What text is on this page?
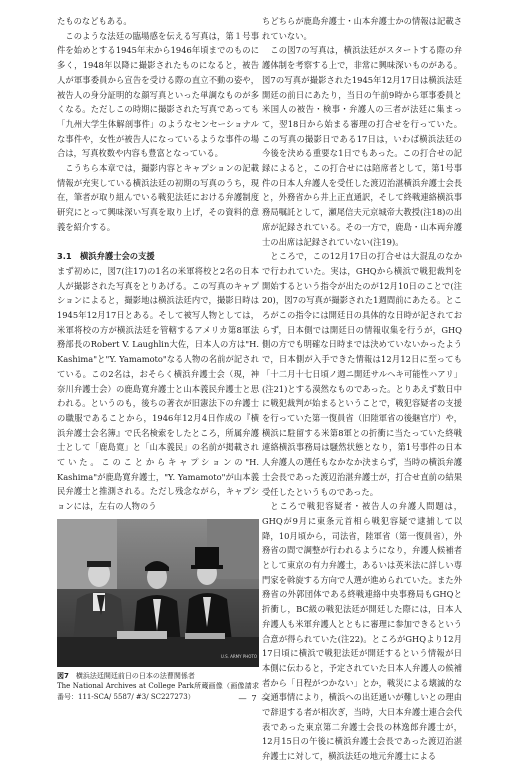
たものなどもある。

このような法廷の臨場感を伝える写真は，第１号事件を始めとする1945年末から1946年頃までのものに多く，1948年以降に撮影されたものになると，被告人が軍事委員から宣告を受ける際の直立不動の姿や，被告人の身分証明的な顔写真といった単調なものが多くなる。ただしこの時期に撮影された写真であっても「九州大学生体解剖事件」のようなセンセーショナルな事件や，女性が被告人になっているような事件の場合は，写真枚数や内容も豊富となっている。

こうちら本章では，撮影内容とキャプションの記載情報が充実している横浜法廷の初期の写真のうち，現在，筆者が取り組んでいる戦犯法廷における弁護制度研究にとって興味深い写真を取り上げ，その資料的意義を紹介する。

3.1　横浜弁護士会の支援

まず初めに，図7(注17)の1名の米軍将校と2名の日本人が撮影された写真をとりあげる。この写真のキャプションによると，撮影地は横浜法廷内で，撮影日時は1945年12月17日とある。そして被写人物としては，米軍将校の方が横浜法廷を管轄するアメリカ第8軍法務部長のRobert V. Laughlin大佐，日本人の方は"H. Kashima"と"Y. Yamamoto"なる人物の名前が記されている。この2名は，おそらく横浜弁護士会（現，神奈川弁護士会）の鹿島寛弁護士と山本義民弁護士と思われる。というのも，後ちの著衣が旧憲法下の弁護士の職服であることから，1946年12月4日作成の『横浜弁護士会名簿』で氏名検索をしたところ，所属弁護士として「鹿島寛」と「山本義民」の名前が掲載されていた。このことからキャプションの"H. Kashima"が鹿島寛弁護士，"Y. Yamamoto"が山本義民弁護士と推測される。ただし残念ながら，キャプションには，左右の人物のう

U.S. ARMY PHOTO
図7　横浜法廷開廷前日の日本の法曹関係者
The National Archives at College Park所蔵画像（画像請求番号：111-SCA/ 5587/ #3/ SC227273）

ちどちらが鹿島弁護士・山本弁護士かの情報は記載されていない。

この図7の写真は，横浜法廷がスタートする際の弁護体制を考察する上で，非常に興味深いものがある。図7の写真が撮影された1945年12月17日は横浜法廷開廷の前日にあたり，当日の午前9時から軍事委員と米国人の被告・検事・弁護人の三者が法廷に集まって，翌18日から始まる審理の打合せを行っていた。この写真の撮影日である17日は，いわば横浜法廷の今後を決める重要な1日でもあった。この打合せの記録によると，この打合せには陪席者として，第1号事件の日本人弁護人を受任した渡辺治湛横浜弁護士会長と，外務省から井上正直通訳，そして終戦連絡横浜事務局嘱託として，瀬尾信夫元京城帝大教授(注18)の出席が記録されている。その一方で，鹿島・山本両弁護士の出席は記録されていない(注19)。

ところで，この12月17日の打合せは大混乱のなかで行われていた。実は，GHQから横浜で戦犯裁判を開始するという指令が出たのが12月10日のことで(注20)，図7の写真が撮影された1週間前にあたる。ところがこの指令には開廷日の具体的な日時が記されておらず，日本側では開廷日の情報収集を行うが，GHQ側の方でも明確な日時までは決めていないかったようで，日本側が入手できた情報は12月12日に至っても「十二月十七日頃ノ週ニ開廷サルヘキ可能性ハアリ」(注21)とする漠然なものであった。とりあえず数日中に戦犯裁判が始まるということで，戦犯容疑者の支援を行っていた第一復員省（旧陸軍省の後継官庁）や，横浜に駐留する米第8軍との折衝に当たっていた終戦連絡横浜事務局は騒然状態となり，第1号事件の日本人弁護人の選任もなかなか決まらず，当時の横浜弁護士会長であった渡辺治湛弁護士が，打合せ直前の結果受任したというものであった。

ところで戦犯容疑者・被告人の弁護人問題は，GHQが9月に東条元首相ら戦犯容疑で逮捕して以降，10月頃から，司法省，陸軍省（第一復員省），外務省の間で調整が行われるようになり，弁護人候補者として東京の有力弁護士，あるいは英米法に詳しい専門家を斡旋する方向で人選が進められていた。また外務省の外郭団体である終戦連絡中央事務局もGHQと折衝し，BC級の戦犯法廷が開廷した際には，日本人弁護人も米軍弁護人とともに審理に参加できるという合意が得られていた(注22)。ところがGHQより12月17日頃に横浜で戦犯法廷が開廷するという情報が日本側に伝わると，予定されていた日本人弁護人の候補者から「日程がつかない」とか，戦災による壊滅的な交通事情により，横浜への出廷通いが難しいとの理由で辞退する者が相次ぎ，当時，大日本弁護士連合会代表であった東京第二弁護士会長の林逸郎弁護士が，12月15日の午後に横浜弁護士会長であった渡辺治湛弁護士に対して，横浜法廷の地元弁護士による

— 7 —
